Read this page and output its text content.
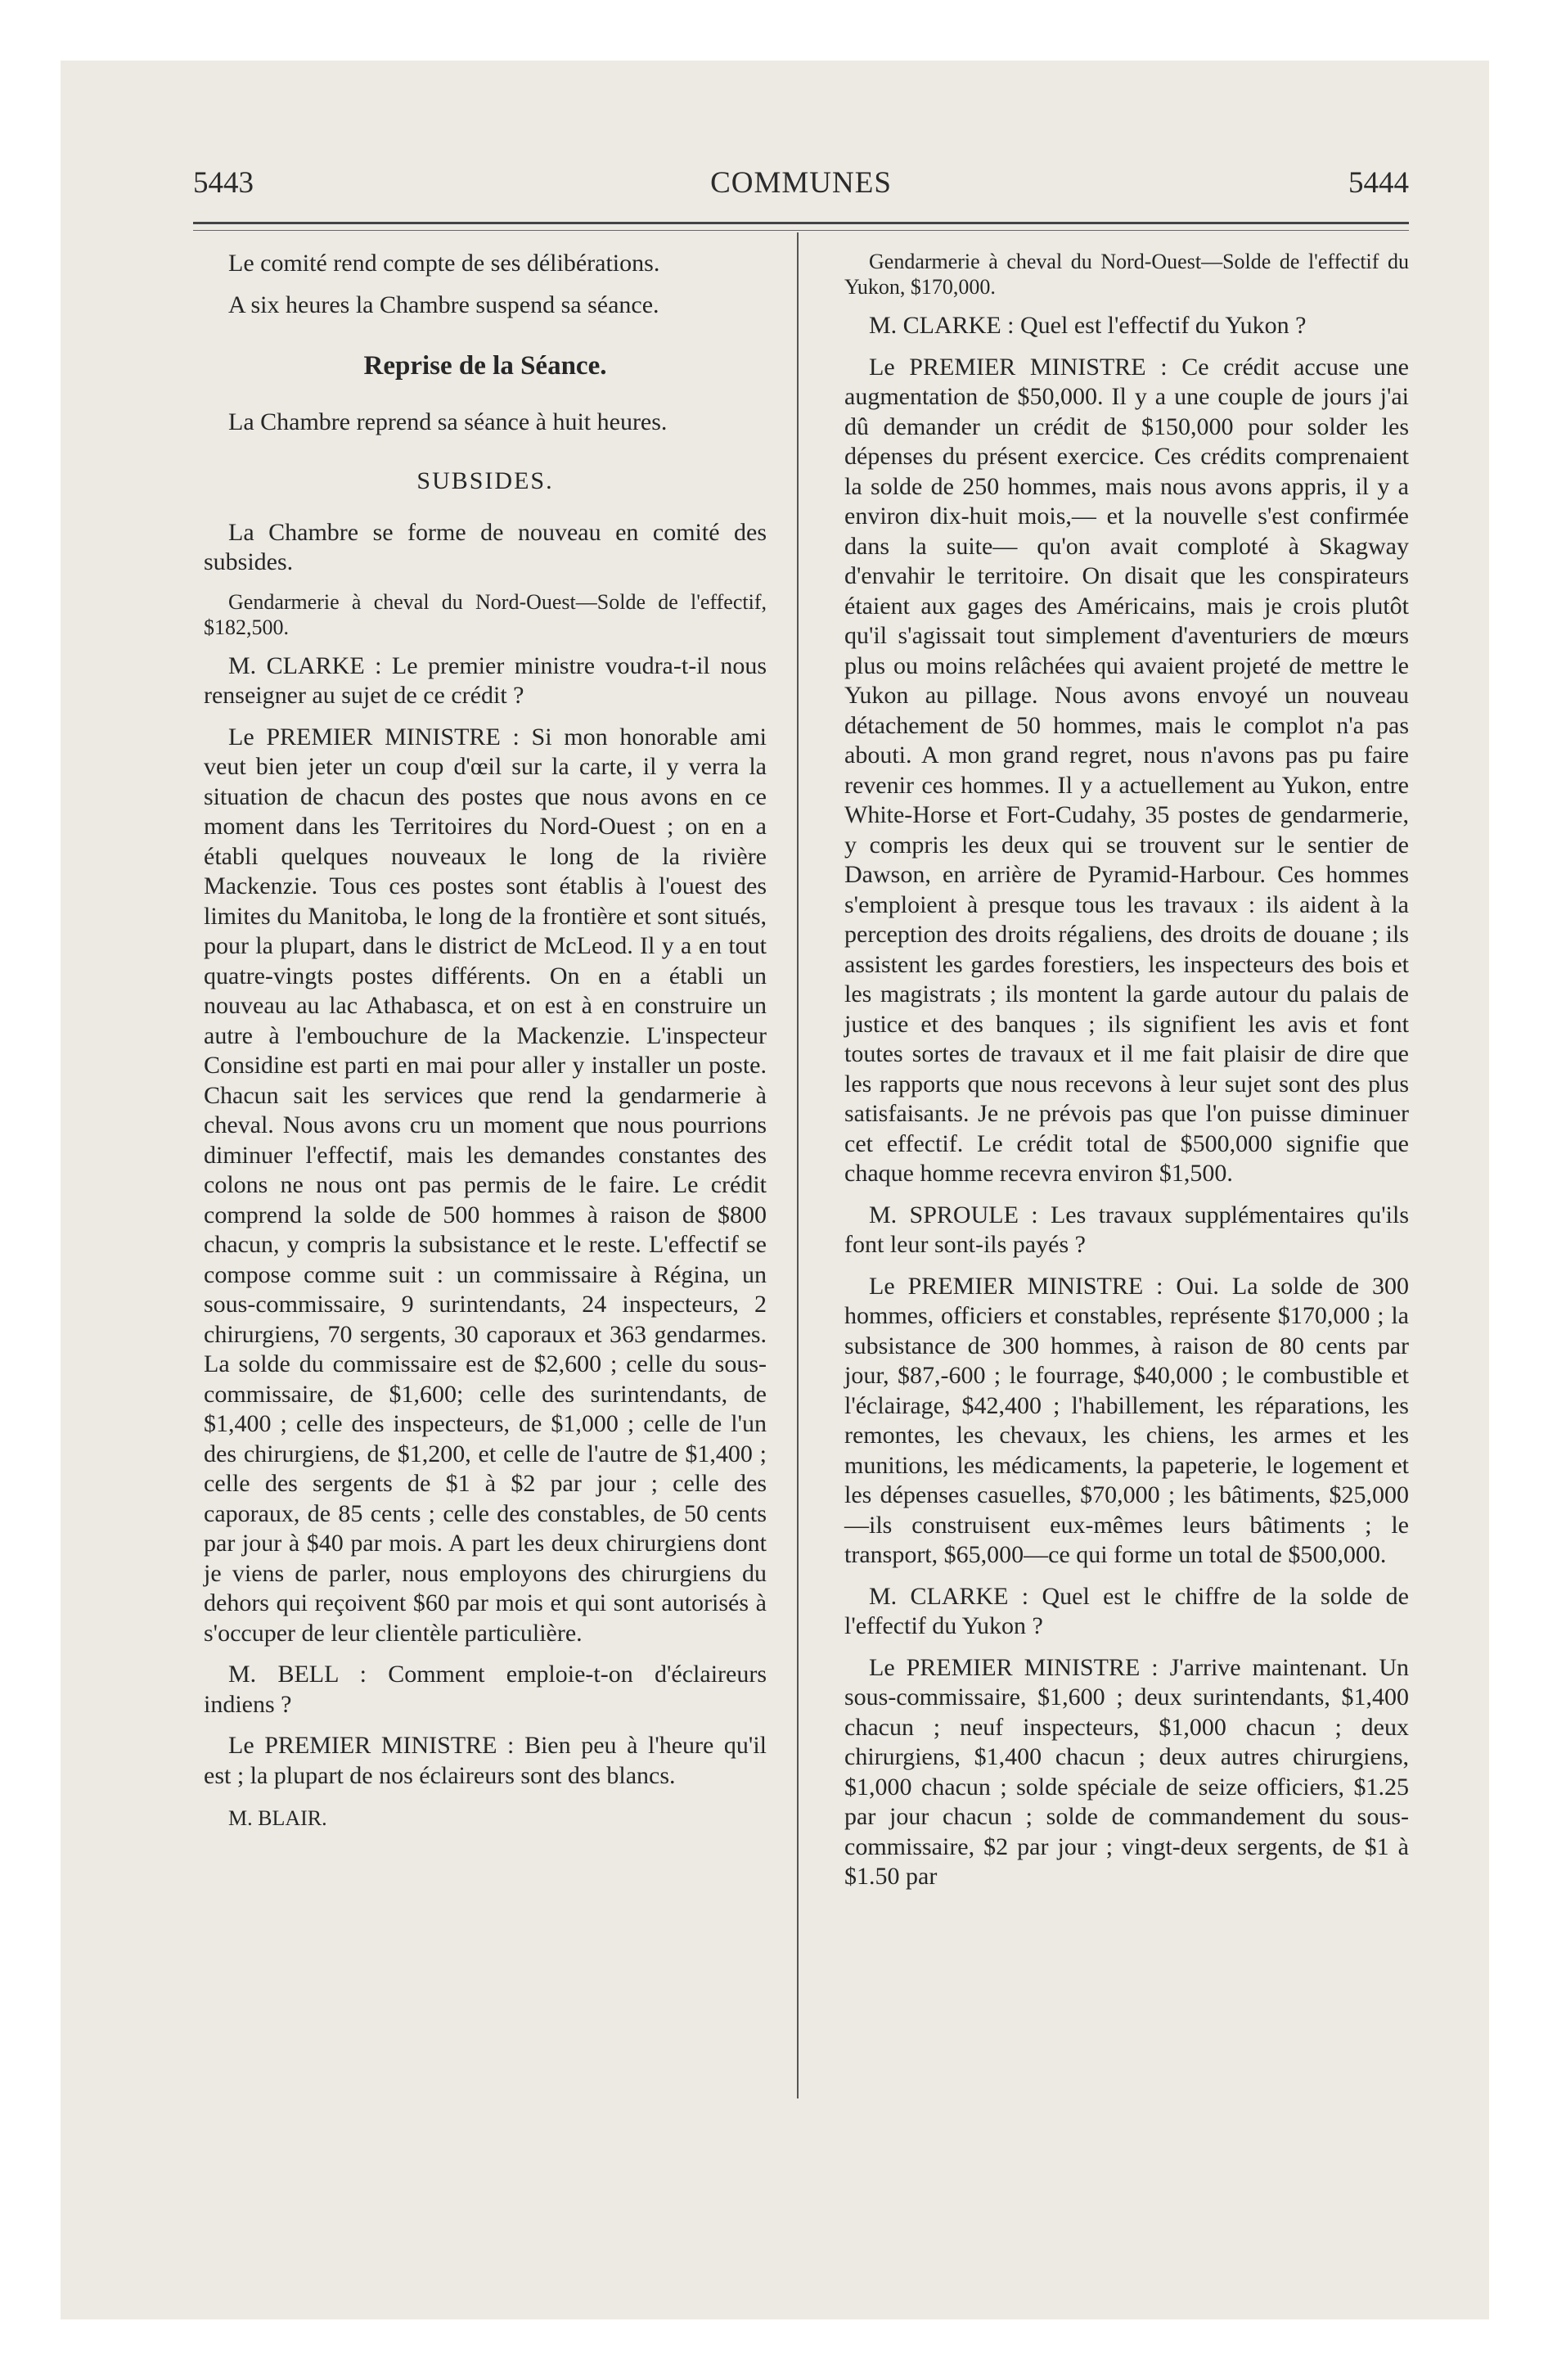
5443	COMMUNES	5444

Le comité rend compte de ses délibérations.

A six heures la Chambre suspend sa séance.

Reprise de la Séance.

La Chambre reprend sa séance à huit heures.

SUBSIDES.

La Chambre se forme de nouveau en comité des subsides.

Gendarmerie à cheval du Nord-Ouest—Solde de l'effectif, $182,500.

M. CLARKE : Le premier ministre voudra-t-il nous renseigner au sujet de ce crédit ?

Le PREMIER MINISTRE : Si mon honorable ami veut bien jeter un coup d'œil sur la carte, il y verra la situation de chacun des postes que nous avons en ce moment dans les Territoires du Nord-Ouest ; on en a établi quelques nouveaux le long de la rivière Mackenzie. Tous ces postes sont établis à l'ouest des limites du Manitoba, le long de la frontière et sont situés, pour la plupart, dans le district de McLeod. Il y a en tout quatre-vingts postes différents. On en a établi un nouveau au lac Athabasca, et on est à en construire un autre à l'embouchure de la Mackenzie. L'inspecteur Considine est parti en mai pour aller y installer un poste. Chacun sait les services que rend la gendarmerie à cheval. Nous avons cru un moment que nous pourrions diminuer l'effectif, mais les demandes constantes des colons ne nous ont pas permis de le faire. Le crédit comprend la solde de 500 hommes à raison de $800 chacun, y compris la subsistance et le reste. L'effectif se compose comme suit : un commissaire à Régina, un sous-commissaire, 9 surintendants, 24 inspecteurs, 2 chirurgiens, 70 sergents, 30 caporaux et 363 gendarmes. La solde du commissaire est de $2,600 ; celle du sous-commissaire, de $1,600; celle des surintendants, de $1,400 ; celle des inspecteurs, de $1,000 ; celle de l'un des chirurgiens, de $1,200, et celle de l'autre de $1,400 ; celle des sergents de $1 à $2 par jour ; celle des caporaux, de 85 cents ; celle des constables, de 50 cents par jour à $40 par mois. A part les deux chirurgiens dont je viens de parler, nous employons des chirurgiens du dehors qui reçoivent $60 par mois et qui sont autorisés à s'occuper de leur clientèle particulière.

M. BELL : Comment emploie-t-on d'éclaireurs indiens ?

Le PREMIER MINISTRE : Bien peu à l'heure qu'il est ; la plupart de nos éclaireurs sont des blancs.

M. BLAIR.

Gendarmerie à cheval du Nord-Ouest—Solde de l'effectif du Yukon, $170,000.

M. CLARKE : Quel est l'effectif du Yukon ?

Le PREMIER MINISTRE : Ce crédit accuse une augmentation de $50,000. Il y a une couple de jours j'ai dû demander un crédit de $150,000 pour solder les dépenses du présent exercice. Ces crédits comprenaient la solde de 250 hommes, mais nous avons appris, il y a environ dix-huit mois,— et la nouvelle s'est confirmée dans la suite— qu'on avait comploté à Skagway d'envahir le territoire. On disait que les conspirateurs étaient aux gages des Américains, mais je crois plutôt qu'il s'agissait tout simplement d'aventuriers de mœurs plus ou moins relâchées qui avaient projeté de mettre le Yukon au pillage. Nous avons envoyé un nouveau détachement de 50 hommes, mais le complot n'a pas abouti. A mon grand regret, nous n'avons pas pu faire revenir ces hommes. Il y a actuellement au Yukon, entre White-Horse et Fort-Cudahy, 35 postes de gendarmerie, y compris les deux qui se trouvent sur le sentier de Dawson, en arrière de Pyramid-Harbour. Ces hommes s'emploient à presque tous les travaux : ils aident à la perception des droits régaliens, des droits de douane ; ils assistent les gardes forestiers, les inspecteurs des bois et les magistrats ; ils montent la garde autour du palais de justice et des banques ; ils signifient les avis et font toutes sortes de travaux et il me fait plaisir de dire que les rapports que nous recevons à leur sujet sont des plus satisfaisants. Je ne prévois pas que l'on puisse diminuer cet effectif. Le crédit total de $500,000 signifie que chaque homme recevra environ $1,500.

M. SPROULE : Les travaux supplémentaires qu'ils font leur sont-ils payés ?

Le PREMIER MINISTRE : Oui. La solde de 300 hommes, officiers et constables, représente $170,000 ; la subsistance de 300 hommes, à raison de 80 cents par jour, $87,-600 ; le fourrage, $40,000 ; le combustible et l'éclairage, $42,400 ; l'habillement, les réparations, les remontes, les chevaux, les chiens, les armes et les munitions, les médicaments, la papeterie, le logement et les dépenses casuelles, $70,000 ; les bâtiments, $25,000—ils construisent eux-mêmes leurs bâtiments ; le transport, $65,000—ce qui forme un total de $500,000.

M. CLARKE : Quel est le chiffre de la solde de l'effectif du Yukon ?

Le PREMIER MINISTRE : J'arrive maintenant. Un sous-commissaire, $1,600 ; deux surintendants, $1,400 chacun ; neuf inspecteurs, $1,000 chacun ; deux chirurgiens, $1,400 chacun ; deux autres chirurgiens, $1,000 chacun ; solde spéciale de seize officiers, $1.25 par jour chacun ; solde de commandement du sous-commissaire, $2 par jour ; vingt-deux sergents, de $1 à $1.50 par
